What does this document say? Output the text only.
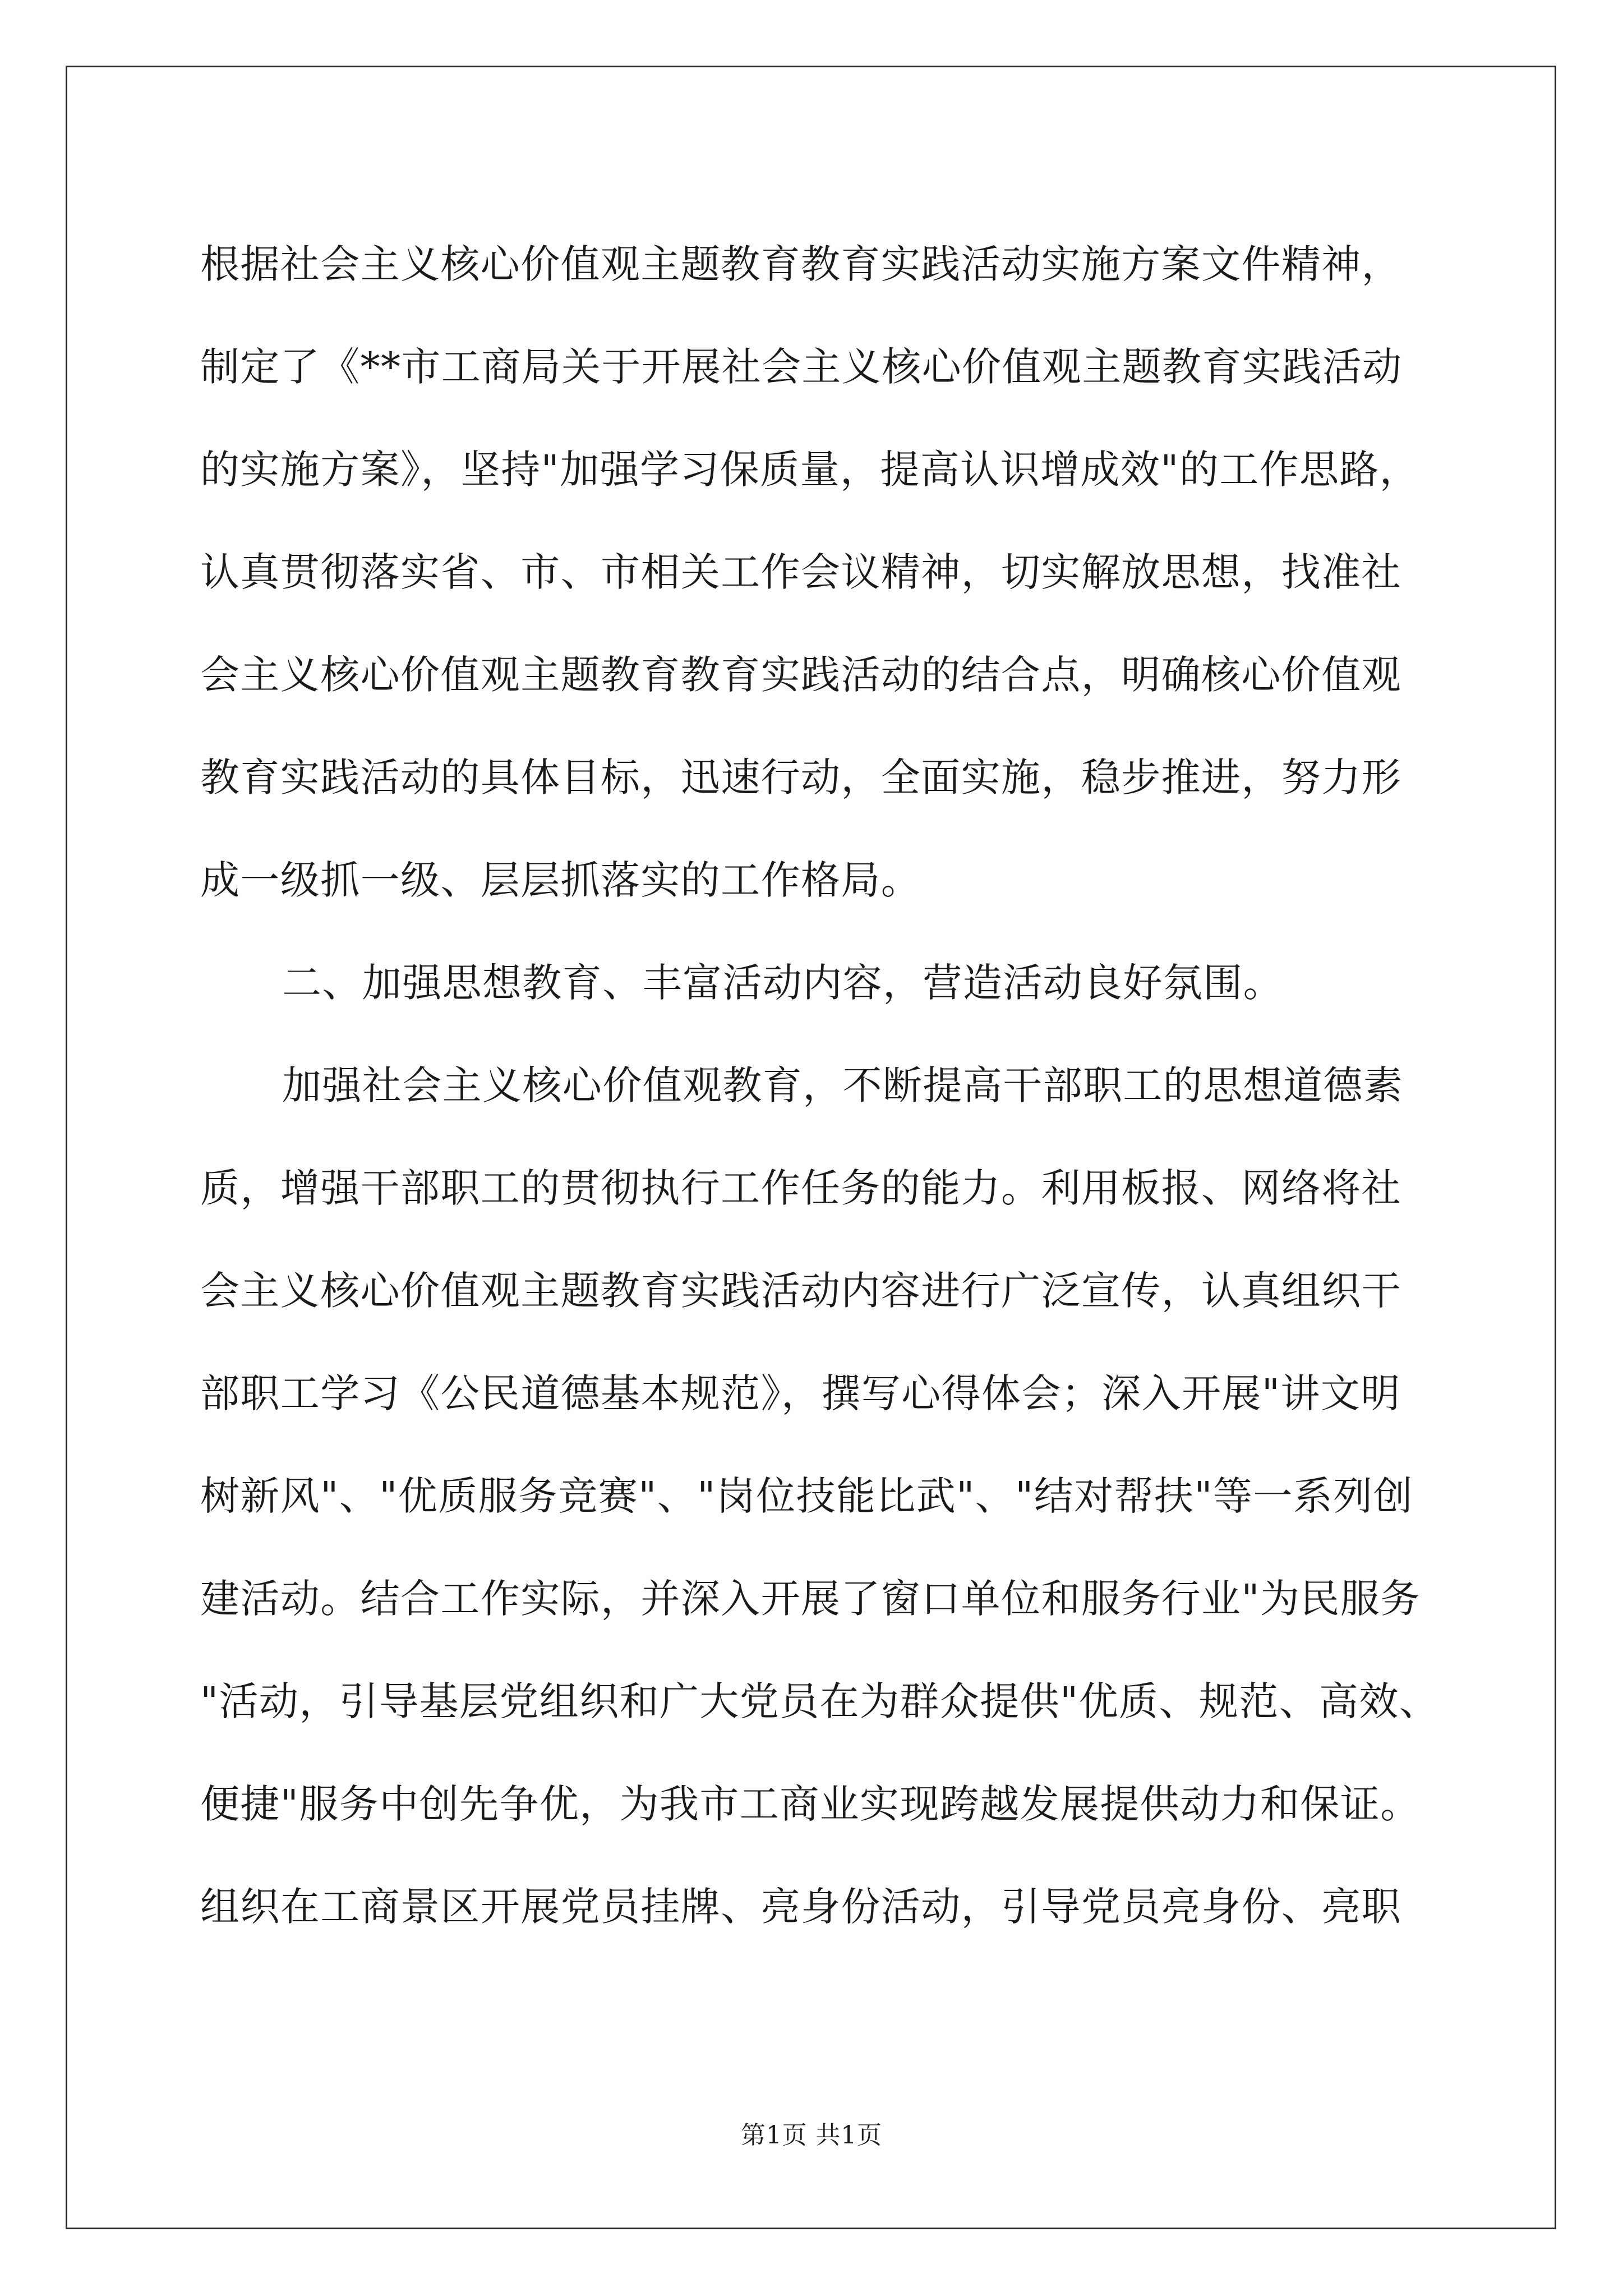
根据社会主义核心价值观主题教育教育实践活动实施方案文件精神，
制定了《**市工商局关于开展社会主义核心价值观主题教育实践活动
的实施方案》，坚持"加强学习保质量，提高认识增成效"的工作思路，
认真贯彻落实省、市、市相关工作会议精神，切实解放思想，找准社
会主义核心价值观主题教育教育实践活动的结合点，明确核心价值观
教育实践活动的具体目标，迅速行动，全面实施，稳步推进，努力形
成一级抓一级、层层抓落实的工作格局。
二、加强思想教育、丰富活动内容，营造活动良好氛围。
加强社会主义核心价值观教育，不断提高干部职工的思想道德素
质，增强干部职工的贯彻执行工作任务的能力。利用板报、网络将社
会主义核心价值观主题教育实践活动内容进行广泛宣传，认真组织干
部职工学习《公民道德基本规范》，撰写心得体会；深入开展"讲文明
树新风"、"优质服务竞赛"、"岗位技能比武"、"结对帮扶"等一系列创
建活动。结合工作实际，并深入开展了窗口单位和服务行业"为民服务
"活动，引导基层党组织和广大党员在为群众提供"优质、规范、高效、
便捷"服务中创先争优，为我市工商业实现跨越发展提供动力和保证。
组织在工商景区开展党员挂牌、亮身份活动，引导党员亮身份、亮职
第1页 共1页
